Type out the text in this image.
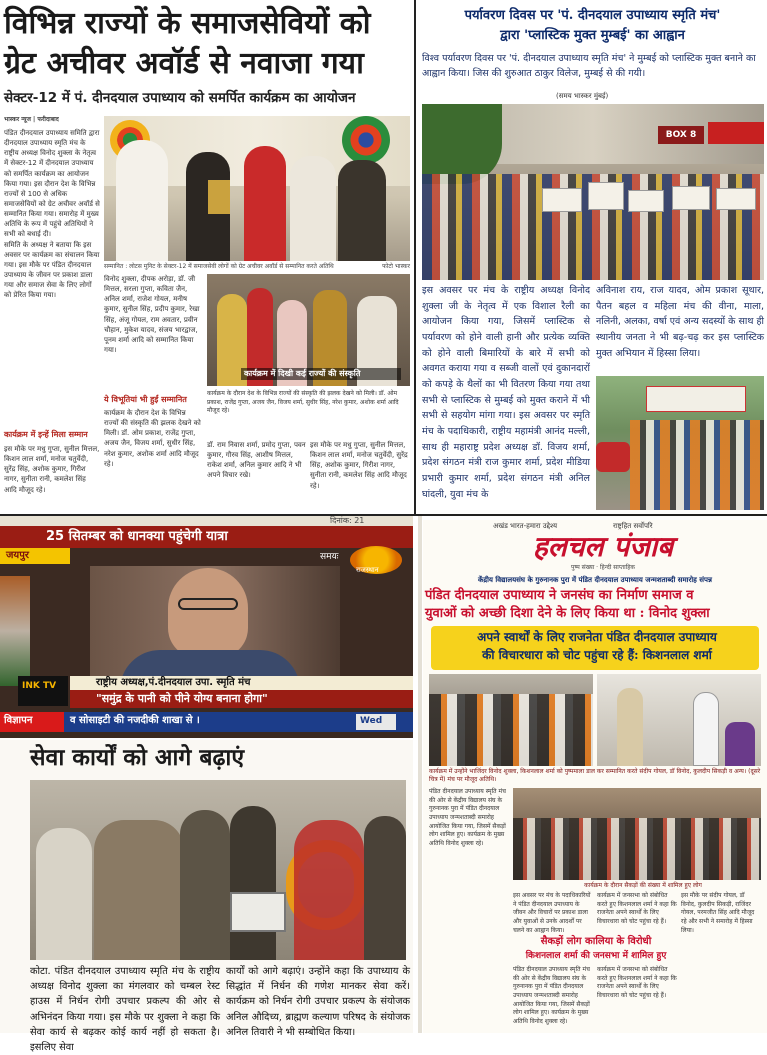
विभिन्न राज्यों के समाजसेवियों को
ग्रेट अचीवर अवॉर्ड से नवाजा गया
सेक्टर-12 में पं. दीनदयाल उपाध्याय को समर्पित कार्यक्रम का आयोजन
भास्कर न्यूज | फरीदाबाद
पंडित दीनदयाल उपाध्याय समिति द्वारा दीनदयाल उपाध्याय स्मृति मंच के राष्ट्रीय अध्यक्ष विनोद शुक्ला के नेतृत्व में सेक्टर-12 में दीनदयाल उपाध्याय को समर्पित कार्यक्रम का आयोजन किया गया। इस दौरान देश के विभिन्न राज्यों से 100 से अधिक समाजसेवियों को ग्रेट अचीवर अवॉर्ड से सम्मानित किया गया। समारोह में मुख्य अतिथि के रूप में पहुंचे अतिथियों ने सभी को बधाई दी।
समिति के अध्यक्ष ने बताया कि इस अवसर पर कार्यक्रम का संचालन किया गया। इस मौके पर पंडित दीनदयाल उपाध्याय के जीवन पर प्रकाश डाला गया और समाज सेवा के लिए लोगों को प्रेरित किया गया।
कार्यक्रम में इन्हें मिला सम्मान
इस मौके पर मधु गुप्ता, सुनील मित्तल, किशन लाल शर्मा, मनोज चतुर्वेदी, सुरेंद्र सिंह, अशोक कुमार, गिरीश नागर, सुनीता रानी, कमलेश सिंह आदि मौजूद रहे।
सम्मानित : लोटस मुनिट के सेक्टर-12 में समाजसेवी लोगों को ग्रेट अचीवर अवॉर्ड से सम्मानित करते अतिथि	फोटो भास्कर
विनोद शुक्ला, दीपक अरोड़ा, डॉ. जी मित्तल, सरला गुप्ता, कविता जैन, अनिल शर्मा, राजेश गोयल, मनीष कुमार, सुनील सिंह, प्रदीप कुमार, रेखा सिंह, अंजू गोयल, राम अवतार, प्रवीन चौहान, मुकेश यादव, संजय भारद्वाज, पूनम शर्मा आदि को सम्मानित किया गया।
ये विभूतियां भी हुईं सम्मानित
कार्यक्रम के दौरान देश के विभिन्न राज्यों की संस्कृति की झलक देखने को मिली। डॉ. ओम प्रकाश, राजेंद्र गुप्ता, अजय जैन, विजय शर्मा, सुधीर सिंह, नरेश कुमार, अशोक शर्मा आदि मौजूद रहे।
कार्यक्रम में दिखी कई राज्यों की संस्कृति
कार्यक्रम के दौरान देश के विभिन्न राज्यों की संस्कृति की झलक देखने को मिली। डॉ. ओम प्रकाश, राजेंद्र गुप्ता, अजय जैन, विजय शर्मा, सुधीर सिंह, नरेश कुमार, अशोक शर्मा आदि मौजूद रहे।
डॉ. राम निवास शर्मा, प्रमोद गुप्ता, पवन कुमार, गौरव सिंह, आशीष मित्तल, राकेश शर्मा, अनिल कुमार आदि ने भी अपने विचार रखे।
इस मौके पर मधु गुप्ता, सुनील मित्तल, किशन लाल शर्मा, मनोज चतुर्वेदी, सुरेंद्र सिंह, अशोक कुमार, गिरीश नागर, सुनीता रानी, कमलेश सिंह आदि मौजूद रहे।
पर्यावरण दिवस पर 'पं. दीनदयाल उपाध्याय स्मृति मंच'
द्वारा 'प्लास्टिक मुक्त मुम्बई' का आह्वान
विश्व पर्यावरण दिवस पर 'पं. दीनदयाल उपाध्याय स्मृति मंच' ने मुम्बई को प्लास्टिक मुक्त बनाने का आह्वान किया। जिस की शुरुआत ठाकुर विलेज, मुम्बई से की गयी।
(समय भास्कर मुंबई)
BOX 8
इस अवसर पर मंच के राष्ट्रीय अध्यक्ष विनोद शुक्ला जी के नेतृत्व में एक विशाल रैली का आयोजन किया गया, जिसमें प्लास्टिक से पर्यावरण को होने वाली हानी और प्रत्येक व्यक्ति को होने वाली बिमारियों के बारे में सभी को अवगत कराया गया व सब्जी वालों एवं दुकानदारों को कपड़े के थैलों का भी वितरण किया गया तथा सभी से प्लास्टिक से मुम्बई को मुक्त कराने में भी सभी से सहयोग मांगा गया। इस अवसर पर स्मृति मंच के पदाधिकारी, राष्ट्रीय महामंत्री आनंद मल्ली, साथ ही महाराष्ट्र प्रदेश अध्यक्ष डॉ. विजय शर्मा, प्रदेश संगठन मंत्री राज कुमार शर्मा, प्रदेश मीडिया प्रभारी कुमार शर्मा, प्रदेश संगठन मंत्री अनिल घांदली, युवा मंच के
अविनाश राय, राज यादव, ओम प्रकाश सूथार, पैतन बहल व महिला मंच की वीना, माला, नलिनी, अलका, वर्षा एवं अन्य सदस्यों के साथ ही स्थानीय जनता ने भी बढ़-चढ़ कर इस प्लास्टिक मुक्त अभियान में हिस्सा लिया।
दिनांक: 21
25 सितम्बर को धानक्या पहुंचेगी यात्रा
जयपुर	समयः
राजस्थान
INK TV	राष्ट्रीय अध्यक्ष,पं.दीनदयाल उपा. स्मृति मंच
"समुंद्र के पानी को पीने योग्य बनाना होगा"
विज्ञापन	व सोसाइटी की नजदीकी शाखा से ।	Wed
अखंड भारत-हमारा उद्देश्य	राष्ट्रहित सर्वोपरि
हलचल पंजाब
पुष्प संख्या · हिन्दी साप्ताहिक
केंद्रीय विद्यालयसंघ के गुरुनानक पुरा में पंडित दीनदयाल उपाध्याय जन्मशताब्दी समारोह संपन्न
पंडित दीनदयाल उपाध्याय ने जनसंघ का निर्माण समाज व
युवाओं को अच्छी दिशा देने के लिए किया था : विनोद शुक्ला
अपने स्वार्थों के लिए राजनेता पंडित दीनदयाल उपाध्याय
की विचारधारा को चोट पहुंचा रहे हैं: किशनलाल शर्मा
कार्यक्रम में उन्होंने भाजिंदर विनोद शुक्ला, किशनलाल शर्मा को पुष्पमाला डाल कर सम्मानित करते संदीप गोयल, डॉ विनोद, कुलदीप सिकड़ी व अन्य। (दूसरे चित्र में) मंच पर मौजूद अतिथि।
पंडित दीनदयाल उपाध्याय स्मृति मंच की ओर से केंद्रीय विद्यालय संघ के गुरुनानक पुरा में पंडित दीनदयाल उपाध्याय जन्मशताब्दी समारोह आयोजित किया गया, जिसमें सैकड़ों लोग शामिल हुए। कार्यक्रम के मुख्य अतिथि विनोद शुक्ला रहे।
कार्यक्रम के दौरान सैकड़ों की संख्या में शामिल हुए लोग
इस अवसर पर मंच के पदाधिकारियों ने पंडित दीनदयाल उपाध्याय के जीवन और विचारों पर प्रकाश डाला और युवाओं से उनके आदर्शों पर चलने का आह्वान किया।
कार्यक्रम में जनसभा को संबोधित करते हुए किशनलाल शर्मा ने कहा कि राजनेता अपने स्वार्थों के लिए विचारधारा को चोट पहुंचा रहे हैं।
इस मौके पर संदीप गोयल, डॉ विनोद, कुलदीप सिकड़ी, राजिंदर गोयल, परमजीत सिंह आदि मौजूद रहे और सभी ने समारोह में हिस्सा लिया।
सैकड़ों लोग कालिया के विरोधी
किशनलाल शर्मा की जनसभा में शामिल हुए
पंडित दीनदयाल उपाध्याय स्मृति मंच की ओर से केंद्रीय विद्यालय संघ के गुरुनानक पुरा में पंडित दीनदयाल उपाध्याय जन्मशताब्दी समारोह आयोजित किया गया, जिसमें सैकड़ों लोग शामिल हुए। कार्यक्रम के मुख्य अतिथि विनोद शुक्ला रहे।
कार्यक्रम में जनसभा को संबोधित करते हुए किशनलाल शर्मा ने कहा कि राजनेता अपने स्वार्थों के लिए विचारधारा को चोट पहुंचा रहे हैं।
सेवा कार्यों को आगे बढ़ाएं
कोटा. पंडित दीनदयाल उपाध्याय स्मृति मंच के राष्ट्रीय अध्यक्ष विनोद शुक्ला का मंगलवार को चम्बल रेस्ट हाउस में निर्धन रोगी उपचार प्रकल्प की ओर से अभिनंदन किया गया। इस मौके पर शुक्ला ने कहा कि सेवा कार्य से बढ़कर कोई कार्य नहीं हो सकता है। इसलिए सेवा
कार्यों को आगे बढ़ाएं। उन्होंने कहा कि उपाध्याय के सिद्धांत में निर्धन की गणेश मानकर सेवा करें। कार्यक्रम को निर्धन रोगी उपचार प्रकल्प के संयोजक अनिल औदिच्य, ब्राह्मण कल्याण परिषद के संयोजक अनिल तिवारी ने भी सम्बोधित किया।
